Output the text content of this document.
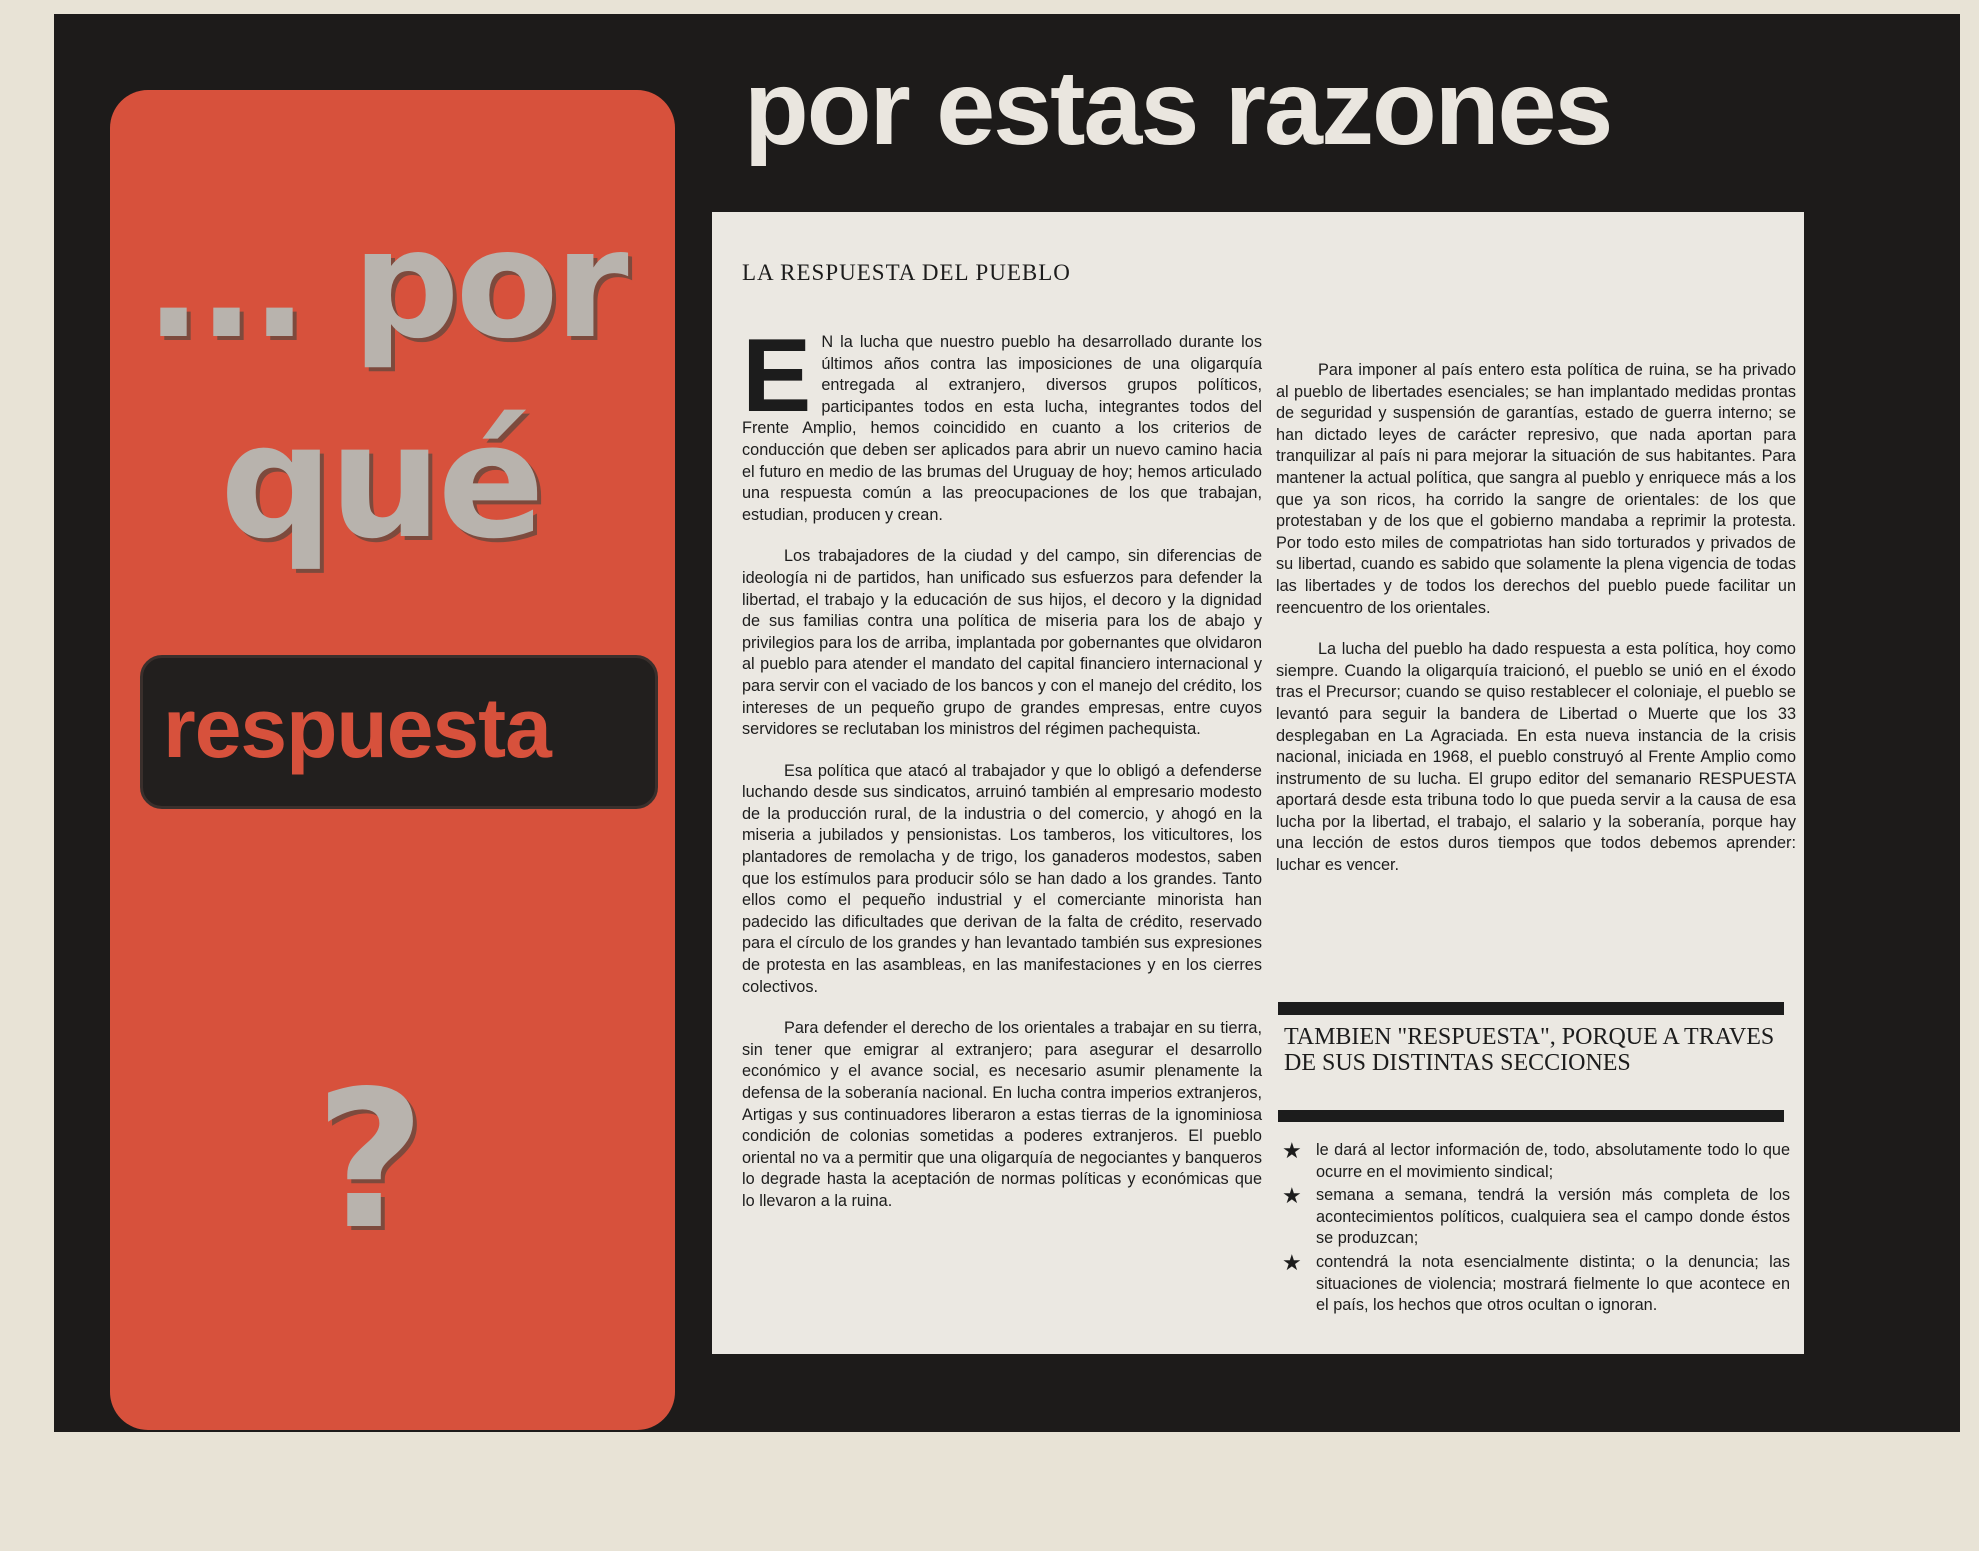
... por
qué
respuesta
?
por estas razones
LA RESPUESTA DEL PUEBLO

E N la lucha que nuestro pueblo ha desarrollado durante los últimos años contra las imposiciones de una oligarquía entregada al extranjero, diversos grupos políticos, participantes todos en esta lucha, integrantes todos del Frente Amplio, hemos coincidido en cuanto a los criterios de conducción que deben ser aplicados para abrir un nuevo camino hacia el futuro en medio de las brumas del Uruguay de hoy; hemos articulado una respuesta común a las preocupaciones de los que trabajan, estudian, producen y crean.

Los trabajadores de la ciudad y del campo, sin diferencias de ideología ni de partidos, han unificado sus esfuerzos para defender la libertad, el trabajo y la educación de sus hijos, el decoro y la dignidad de sus familias contra una política de miseria para los de abajo y privilegios para los de arriba, implantada por gobernantes que olvidaron al pueblo para atender el mandato del capital financiero internacional y para servir con el vaciado de los bancos y con el manejo del crédito, los intereses de un pequeño grupo de grandes empresas, entre cuyos servidores se reclutaban los ministros del régimen pachequista.

Esa política que atacó al trabajador y que lo obligó a defenderse luchando desde sus sindicatos, arruinó también al empresario modesto de la producción rural, de la industria o del comercio, y ahogó en la miseria a jubilados y pensionistas. Los tamberos, los viticultores, los plantadores de remolacha y de trigo, los ganaderos modestos, saben que los estímulos para producir sólo se han dado a los grandes. Tanto ellos como el pequeño industrial y el comerciante minorista han padecido las dificultades que derivan de la falta de crédito, reservado para el círculo de los grandes y han levantado también sus expresiones de protesta en las asambleas, en las manifestaciones y en los cierres colectivos.

Para defender el derecho de los orientales a trabajar en su tierra, sin tener que emigrar al extranjero; para asegurar el desarrollo económico y el avance social, es necesario asumir plenamente la defensa de la soberanía nacional. En lucha contra imperios extranjeros, Artigas y sus continuadores liberaron a estas tierras de la ignominiosa condición de colonias sometidas a poderes extranjeros. El pueblo oriental no va a permitir que una oligarquía de negociantes y banqueros lo degrade hasta la aceptación de normas políticas y económicas que lo llevaron a la ruina.

Para imponer al país entero esta política de ruina, se ha privado al pueblo de libertades esenciales; se han implantado medidas prontas de seguridad y suspensión de garantías, estado de guerra interno; se han dictado leyes de carácter represivo, que nada aportan para tranquilizar al país ni para mejorar la situación de sus habitantes. Para mantener la actual política, que sangra al pueblo y enriquece más a los que ya son ricos, ha corrido la sangre de orientales: de los que protestaban y de los que el gobierno mandaba a reprimir la protesta. Por todo esto miles de compatriotas han sido torturados y privados de su libertad, cuando es sabido que solamente la plena vigencia de todas las libertades y de todos los derechos del pueblo puede facilitar un reencuentro de los orientales.

La lucha del pueblo ha dado respuesta a esta política, hoy como siempre. Cuando la oligarquía traicionó, el pueblo se unió en el éxodo tras el Precursor; cuando se quiso restablecer el coloniaje, el pueblo se levantó para seguir la bandera de Libertad o Muerte que los 33 desplegaban en La Agraciada. En esta nueva instancia de la crisis nacional, iniciada en 1968, el pueblo construyó al Frente Amplio como instrumento de su lucha. El grupo editor del semanario RESPUESTA aportará desde esta tribuna todo lo que pueda servir a la causa de esa lucha por la libertad, el trabajo, el salario y la soberanía, porque hay una lección de estos duros tiempos que todos debemos aprender: luchar es vencer.

TAMBIEN "RESPUESTA", PORQUE A TRAVES DE SUS DISTINTAS SECCIONES
★ le dará al lector información de, todo, absolutamente todo lo que ocurre en el movimiento sindical;
★ semana a semana, tendrá la versión más completa de los acontecimientos políticos, cualquiera sea el campo donde éstos se produzcan;
★ contendrá la nota esencialmente distinta; o la denuncia; las situaciones de violencia; mostrará fielmente lo que acontece en el país, los hechos que otros ocultan o ignoran.
